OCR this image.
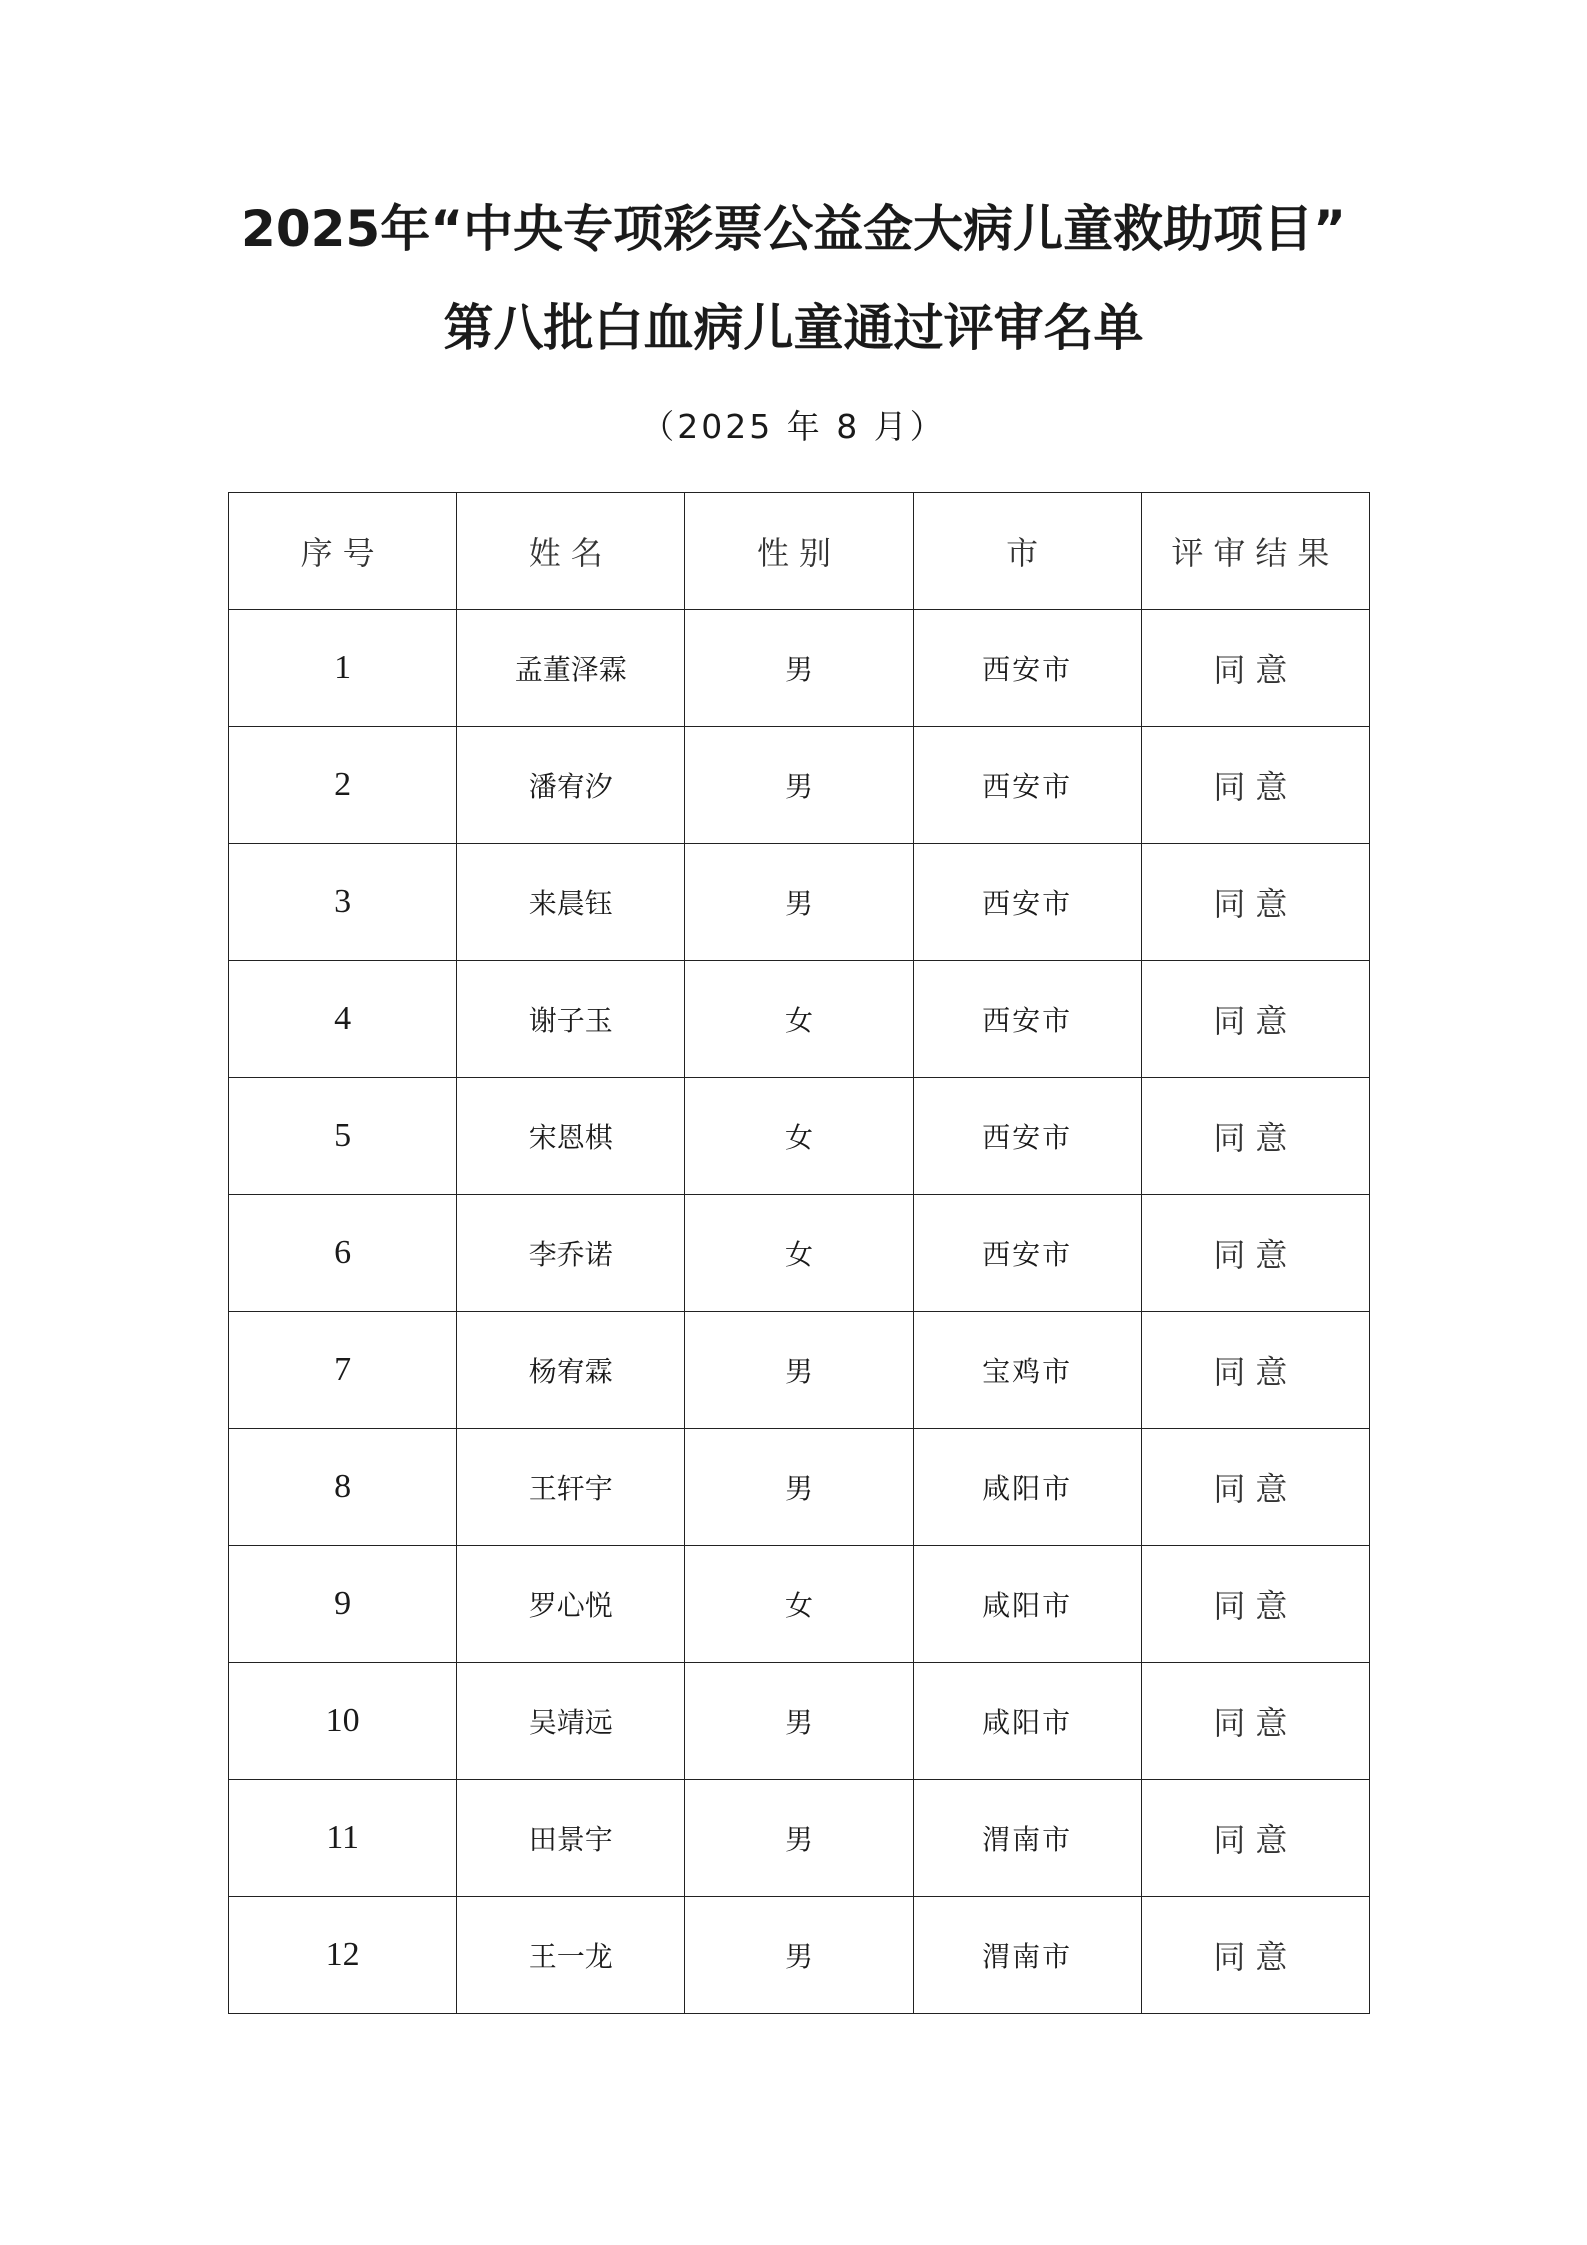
2025年“中央专项彩票公益金大病儿童救助项目”
第八批白血病儿童通过评审名单
（2025 年 8 月）
序号	姓名	性别	市	评审结果
1	孟董泽霖	男	西安市	同意
2	潘宥汐	男	西安市	同意
3	来晨钰	男	西安市	同意
4	谢子玉	女	西安市	同意
5	宋恩棋	女	西安市	同意
6	李乔诺	女	西安市	同意
7	杨宥霖	男	宝鸡市	同意
8	王轩宇	男	咸阳市	同意
9	罗心悦	女	咸阳市	同意
10	吴靖远	男	咸阳市	同意
11	田景宇	男	渭南市	同意
12	王一龙	男	渭南市	同意
